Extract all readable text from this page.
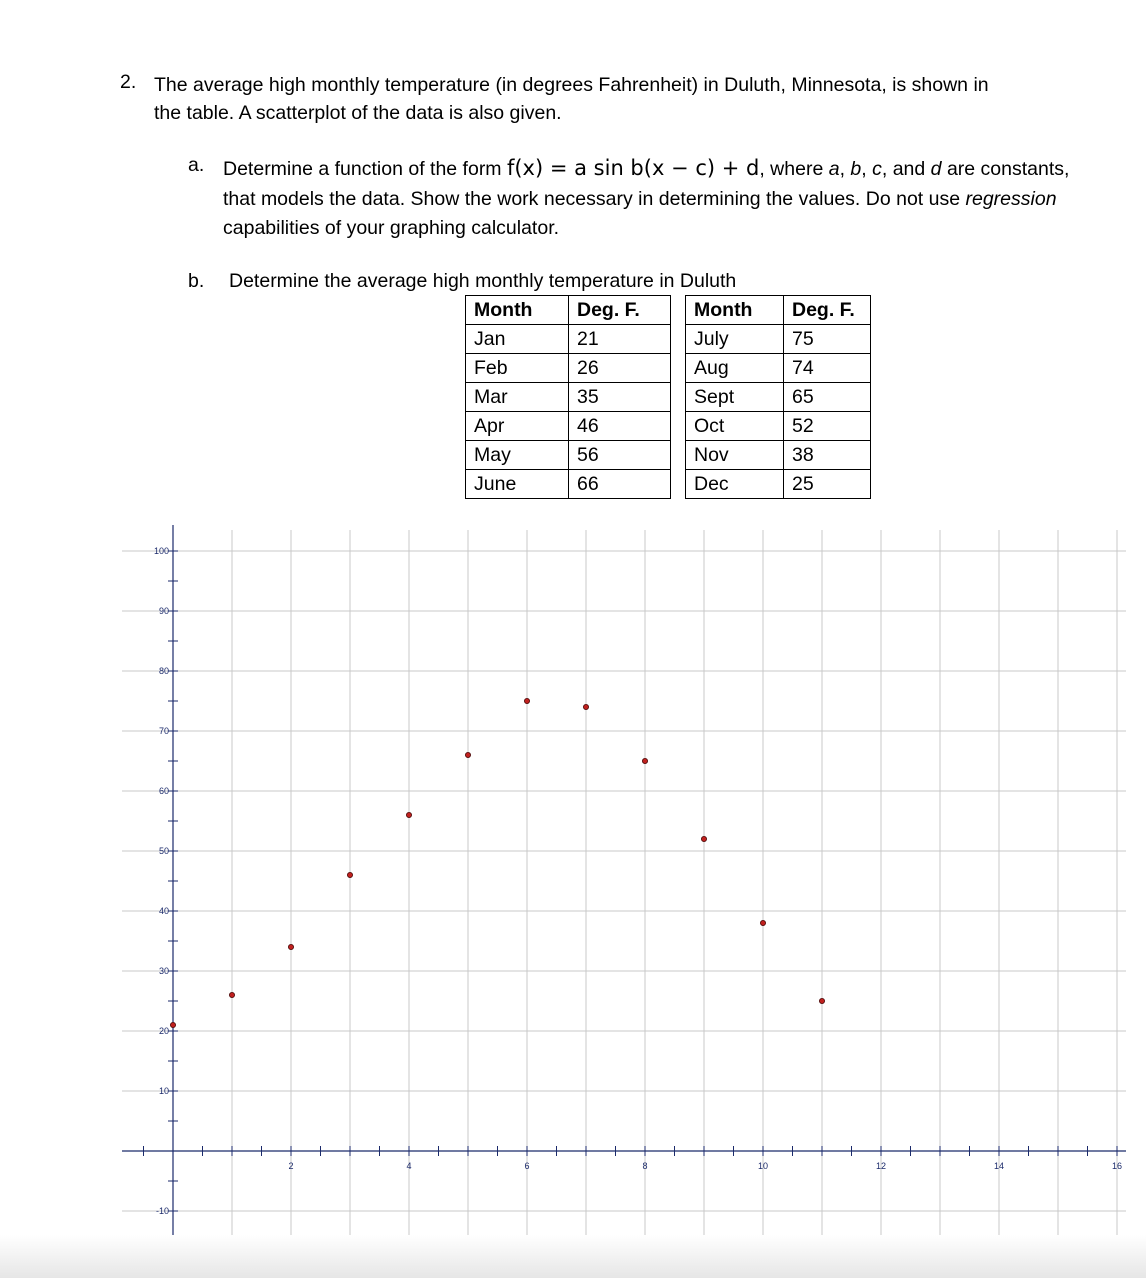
2. The average high monthly temperature (in degrees Fahrenheit) in Duluth, Minnesota, is shown in the table. A scatterplot of the data is also given.
a. Determine a function of the form f(x) = a sin b(x − c) + d, where a, b, c, and d are constants, that models the data. Show the work necessary in determining the values. Do not use regression capabilities of your graphing calculator.
b. Determine the average high monthly temperature in Duluth
Month	Deg. F.		Month	Deg. F.
Jan	21		July	75
Feb	26		Aug	74
Mar	35		Sept	65
Apr	46		Oct	52
May	56		Nov	38
June	66		Dec	25
2	4	6	8	10	12	14	16
100
90
80
70
60
50
40
30
20
10
-10
